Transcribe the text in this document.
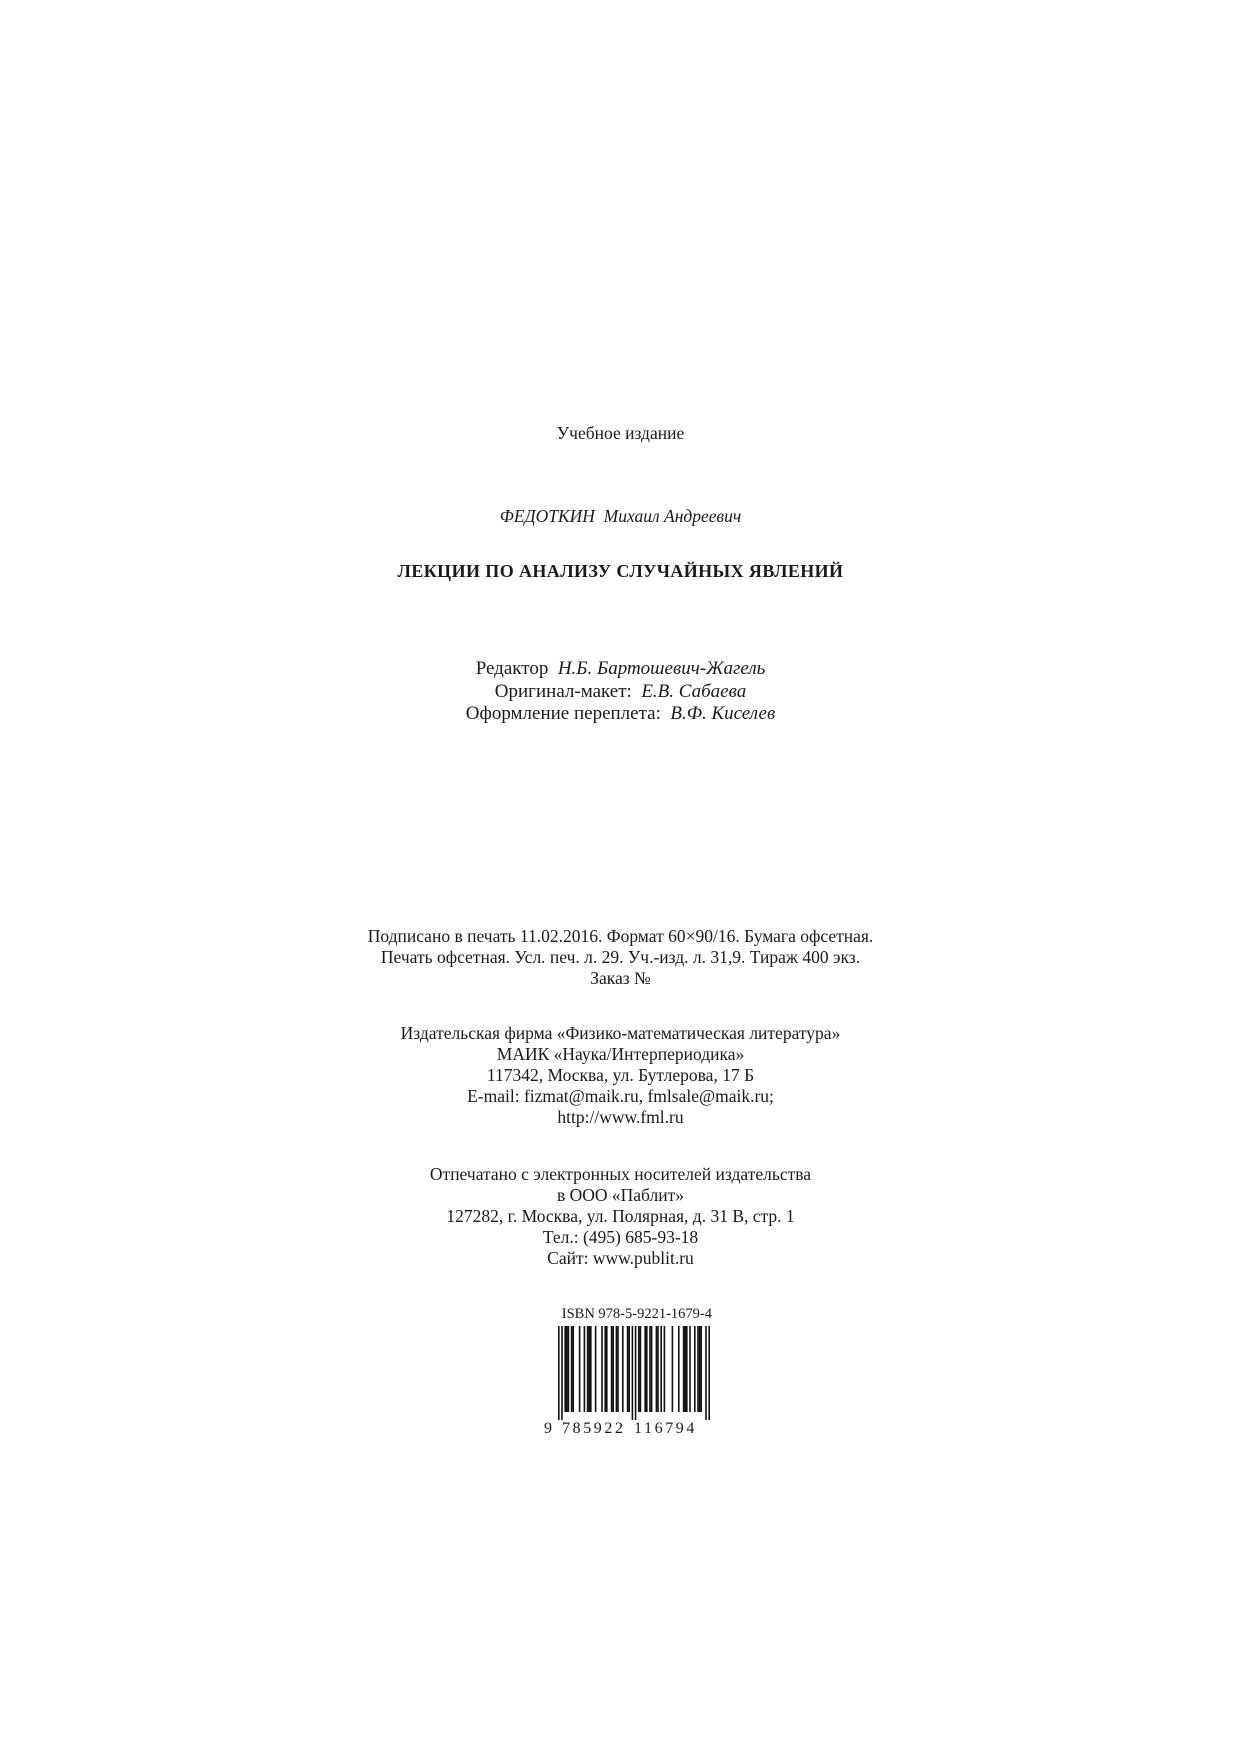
Учебное издание
ФЕДОТКИН Михаил Андреевич
ЛЕКЦИИ ПО АНАЛИЗУ СЛУЧАЙНЫХ ЯВЛЕНИЙ
Редактор Н.Б. Бартошевич-Жагель
Оригинал-макет: Е.В. Сабаева
Оформление переплета: В.Ф. Киселев
Подписано в печать 11.02.2016. Формат 60×90/16. Бумага офсетная.
Печать офсетная. Усл. печ. л. 29. Уч.-изд. л. 31,9. Тираж 400 экз.
Заказ №
Издательская фирма «Физико-математическая литература»
МАИК «Наука/Интерпериодика»
117342, Москва, ул. Бутлерова, 17 Б
E-mail: fizmat@maik.ru, fmlsale@maik.ru;
http://www.fml.ru
Отпечатано с электронных носителей издательства
в ООО «Паблит»
127282, г. Москва, ул. Полярная, д. 31 В, стр. 1
Тел.: (495) 685-93-18
Сайт: www.publit.ru
ISBN 978-5-9221-1679-4
9 785922 116794
